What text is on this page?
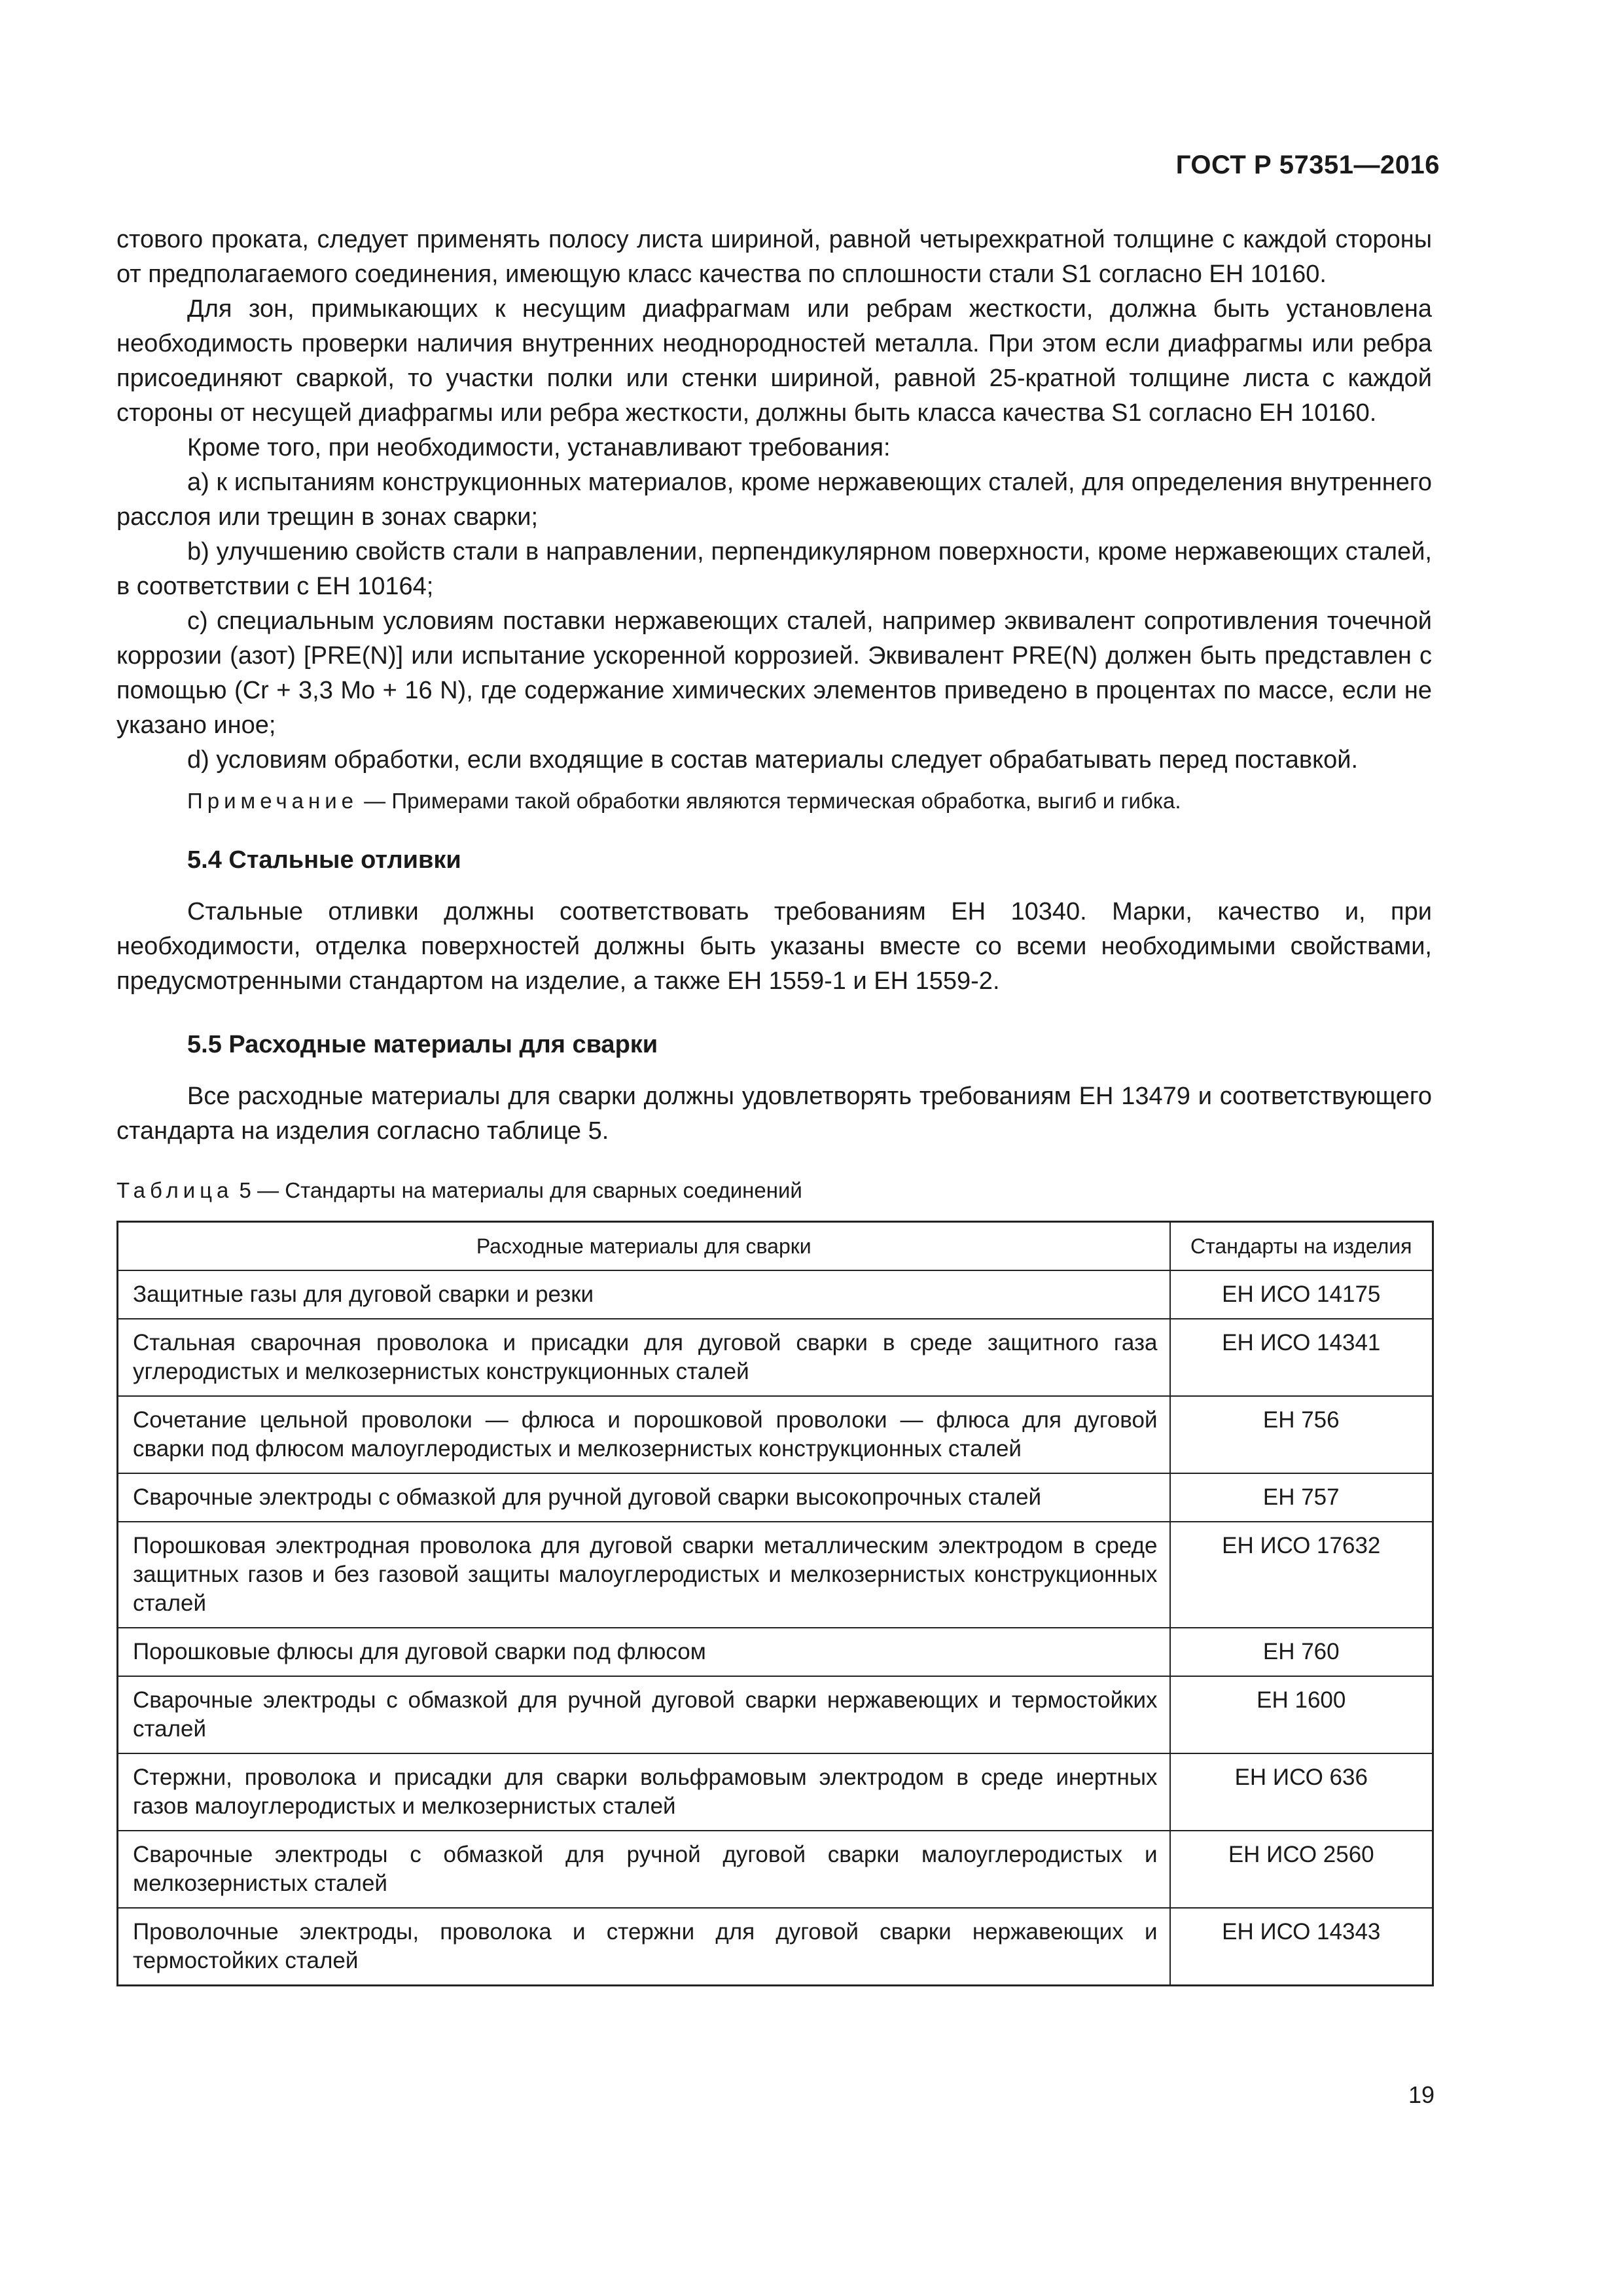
ГОСТ Р 57351—2016

стового проката, следует применять полосу листа шириной, равной четырехкратной толщине с каждой стороны от предполагаемого соединения, имеющую класс качества по сплошности стали S1 согласно ЕН 10160.

Для зон, примыкающих к несущим диафрагмам или ребрам жесткости, должна быть установлена необходимость проверки наличия внутренних неоднородностей металла. При этом если диафрагмы или ребра присоединяют сваркой, то участки полки или стенки шириной, равной 25-кратной толщине листа с каждой стороны от несущей диафрагмы или ребра жесткости, должны быть класса качества S1 согласно ЕН 10160.

Кроме того, при необходимости, устанавливают требования:

a) к испытаниям конструкционных материалов, кроме нержавеющих сталей, для определения внутреннего расслоя или трещин в зонах сварки;

b) улучшению свойств стали в направлении, перпендикулярном поверхности, кроме нержавеющих сталей, в соответствии с ЕН 10164;

c) специальным условиям поставки нержавеющих сталей, например эквивалент сопротивления точечной коррозии (азот) [PRE(N)] или испытание ускоренной коррозией. Эквивалент PRE(N) должен быть представлен с помощью (Cr + 3,3 Mo + 16 N), где содержание химических элементов приведено в процентах по массе, если не указано иное;

d) условиям обработки, если входящие в состав материалы следует обрабатывать перед поставкой.

Примечание — Примерами такой обработки являются термическая обработка, выгиб и гибка.

5.4 Стальные отливки

Стальные отливки должны соответствовать требованиям ЕН 10340. Марки, качество и, при необходимости, отделка поверхностей должны быть указаны вместе со всеми необходимыми свойствами, предусмотренными стандартом на изделие, а также ЕН 1559-1 и ЕН 1559-2.

5.5 Расходные материалы для сварки

Все расходные материалы для сварки должны удовлетворять требованиям ЕН 13479 и соответствующего стандарта на изделия согласно таблице 5.

Таблица 5 — Стандарты на материалы для сварных соединений
Расходные материалы для сварки	Стандарты на изделия
Защитные газы для дуговой сварки и резки	ЕН ИСО 14175
Стальная сварочная проволока и присадки для дуговой сварки в среде защитного газа углеродистых и мелкозернистых конструкционных сталей	ЕН ИСО 14341
Сочетание цельной проволоки — флюса и порошковой проволоки — флюса для дуговой сварки под флюсом малоуглеродистых и мелкозернистых конструкционных сталей	ЕН 756
Сварочные электроды с обмазкой для ручной дуговой сварки высокопрочных сталей	ЕН 757
Порошковая электродная проволока для дуговой сварки металлическим электродом в среде защитных газов и без газовой защиты малоуглеродистых и мелкозернистых конструкционных сталей	ЕН ИСО 17632
Порошковые флюсы для дуговой сварки под флюсом	ЕН 760
Сварочные электроды с обмазкой для ручной дуговой сварки нержавеющих и термостойких сталей	ЕН 1600
Стержни, проволока и присадки для сварки вольфрамовым электродом в среде инертных газов малоуглеродистых и мелкозернистых сталей	ЕН ИСО 636
Сварочные электроды с обмазкой для ручной дуговой сварки малоуглеродистых и мелкозернистых сталей	ЕН ИСО 2560
Проволочные электроды, проволока и стержни для дуговой сварки нержавеющих и термостойких сталей	ЕН ИСО 14343
19
